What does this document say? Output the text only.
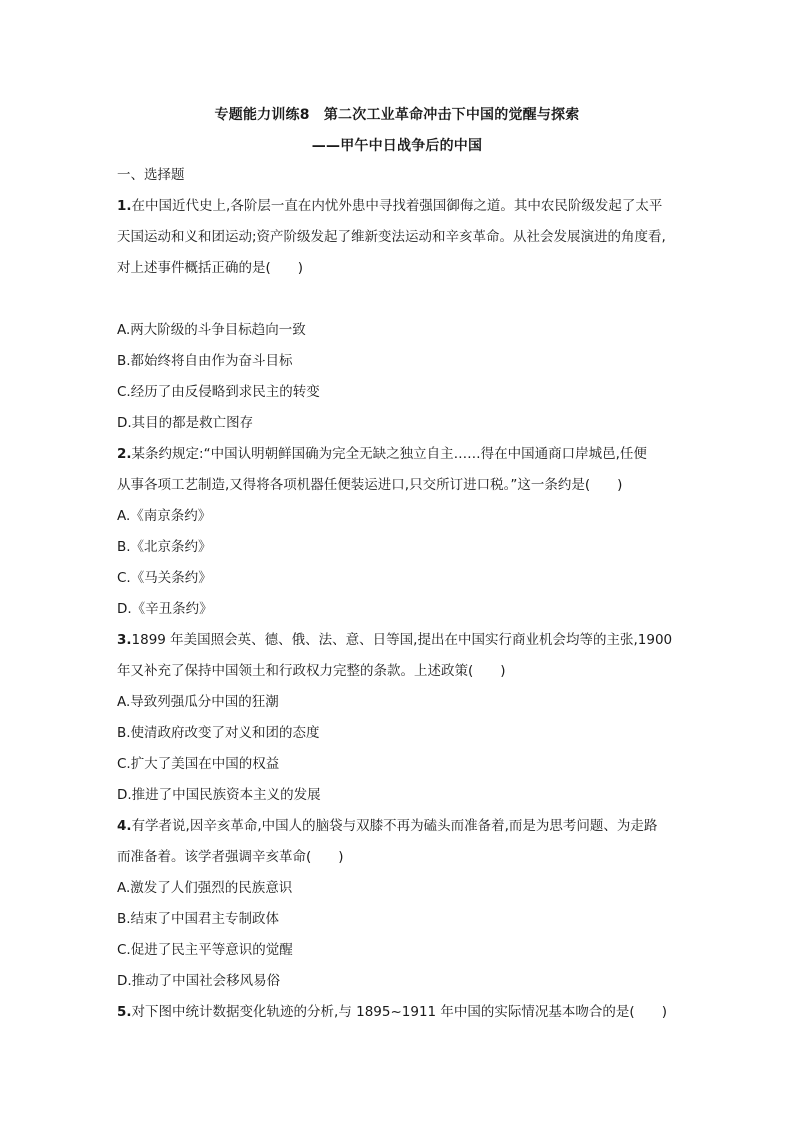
专题能力训练8　第二次工业革命冲击下中国的觉醒与探索
——甲午中日战争后的中国
一、选择题
1.在中国近代史上,各阶层一直在内忧外患中寻找着强国御侮之道。其中农民阶级发起了太平
天国运动和义和团运动;资产阶级发起了维新变法运动和辛亥革命。从社会发展演进的角度看,
对上述事件概括正确的是(　　)
A.两大阶级的斗争目标趋向一致
B.都始终将自由作为奋斗目标
C.经历了由反侵略到求民主的转变
D.其目的都是救亡图存
2.某条约规定:“中国认明朝鲜国确为完全无缺之独立自主……得在中国通商口岸城邑,任便
从事各项工艺制造,又得将各项机器任便装运进口,只交所订进口税。”这一条约是(　　)
A.《南京条约》
B.《北京条约》
C.《马关条约》
D.《辛丑条约》
3.1899 年美国照会英、德、俄、法、意、日等国,提出在中国实行商业机会均等的主张,1900
年又补充了保持中国领土和行政权力完整的条款。上述政策(　　)
A.导致列强瓜分中国的狂潮
B.使清政府改变了对义和团的态度
C.扩大了美国在中国的权益
D.推进了中国民族资本主义的发展
4.有学者说,因辛亥革命,中国人的脑袋与双膝不再为磕头而准备着,而是为思考问题、为走路
而准备着。该学者强调辛亥革命(　　)
A.激发了人们强烈的民族意识
B.结束了中国君主专制政体
C.促进了民主平等意识的觉醒
D.推动了中国社会移风易俗
5.对下图中统计数据变化轨迹的分析,与 1895~1911 年中国的实际情况基本吻合的是(　　)
